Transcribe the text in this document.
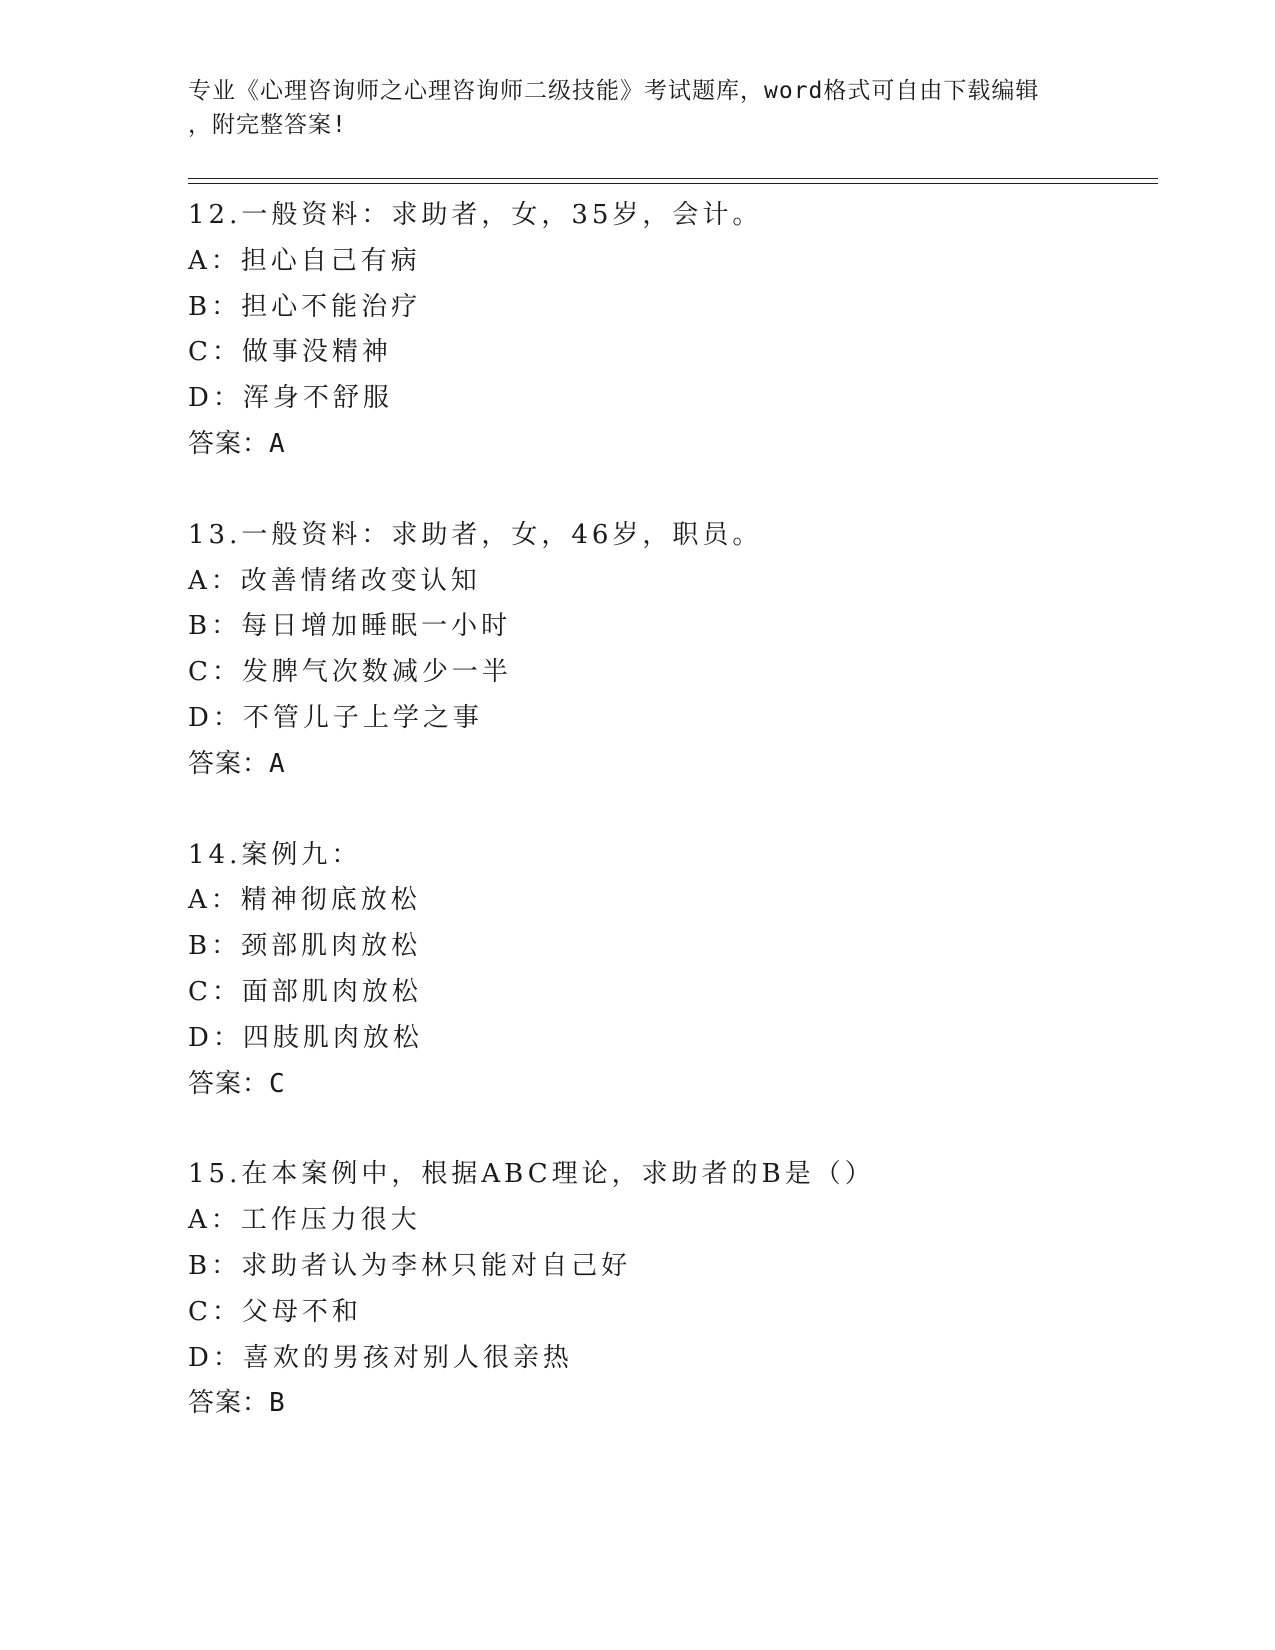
专业《心理咨询师之心理咨询师二级技能》考试题库，word格式可自由下载编辑
，附完整答案!
12.一般资料：求助者，女，35岁，会计。
A：担心自己有病
B：担心不能治疗
C：做事没精神
D：浑身不舒服
答案：A
13.一般资料：求助者，女，46岁，职员。
A：改善情绪改变认知
B：每日增加睡眠一小时
C：发脾气次数减少一半
D：不管儿子上学之事
答案：A
14.案例九：
A：精神彻底放松
B：颈部肌肉放松
C：面部肌肉放松
D：四肢肌肉放松
答案：C
15.在本案例中，根据ABC理论，求助者的B是（）
A：工作压力很大
B：求助者认为李林只能对自己好
C：父母不和
D：喜欢的男孩对别人很亲热
答案：B
